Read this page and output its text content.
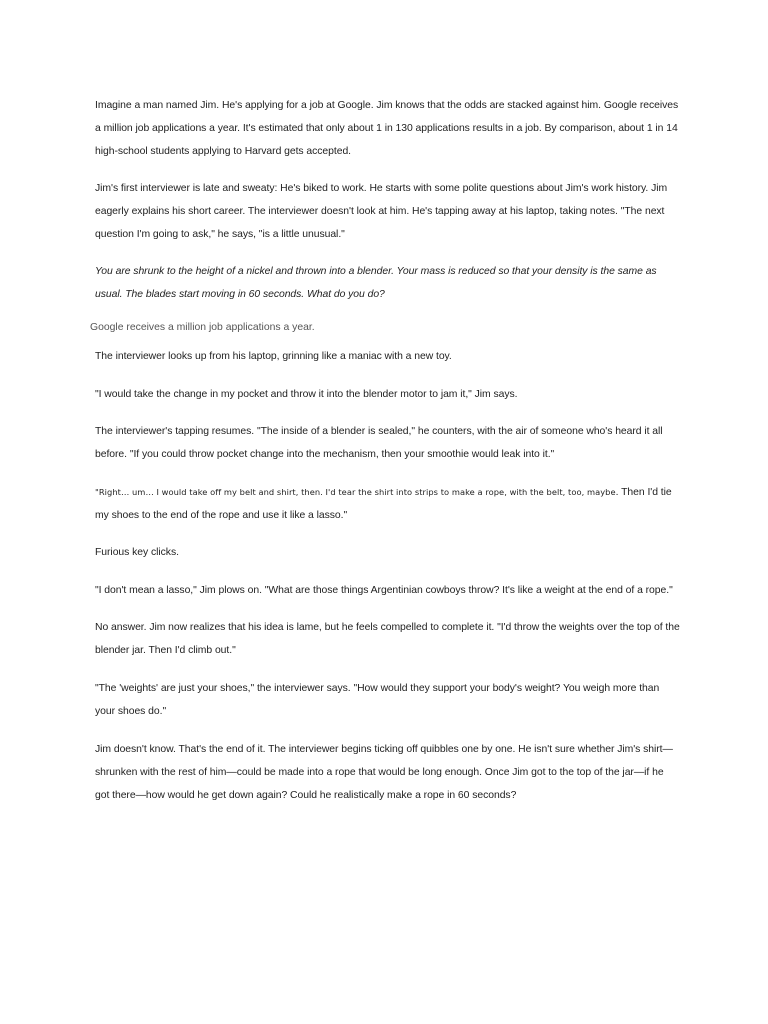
Imagine a man named Jim. He's applying for a job at Google. Jim knows that the odds are stacked against him. Google receives a million job applications a year. It's estimated that only about 1 in 130 applications results in a job. By comparison, about 1 in 14 high-school students applying to Harvard gets accepted.

Jim's first interviewer is late and sweaty: He's biked to work. He starts with some polite questions about Jim's work history. Jim eagerly explains his short career. The interviewer doesn't look at him. He's tapping away at his laptop, taking notes. "The next question I'm going to ask," he says, "is a little unusual."

You are shrunk to the height of a nickel and thrown into a blender. Your mass is reduced so that your density is the same as usual. The blades start moving in 60 seconds. What do you do?

Google receives a million job applications a year.

The interviewer looks up from his laptop, grinning like a maniac with a new toy.

"I would take the change in my pocket and throw it into the blender motor to jam it," Jim says.

The interviewer's tapping resumes. "The inside of a blender is sealed," he counters, with the air of someone who's heard it all before. "If you could throw pocket change into the mechanism, then your smoothie would leak into it."

"Right… um… I would take off my belt and shirt, then. I'd tear the shirt into strips to make a rope, with the belt, too, maybe. Then I'd tie my shoes to the end of the rope and use it like a lasso."

Furious key clicks.

"I don't mean a lasso," Jim plows on. "What are those things Argentinian cowboys throw? It's like a weight at the end of a rope."

No answer. Jim now realizes that his idea is lame, but he feels compelled to complete it. "I'd throw the weights over the top of the blender jar. Then I'd climb out."

"The 'weights' are just your shoes," the interviewer says. "How would they support your body's weight? You weigh more than your shoes do."

Jim doesn't know. That's the end of it. The interviewer begins ticking off quibbles one by one. He isn't sure whether Jim's shirt—shrunken with the rest of him—could be made into a rope that would be long enough. Once Jim got to the top of the jar—if he got there—how would he get down again? Could he realistically make a rope in 60 seconds?
